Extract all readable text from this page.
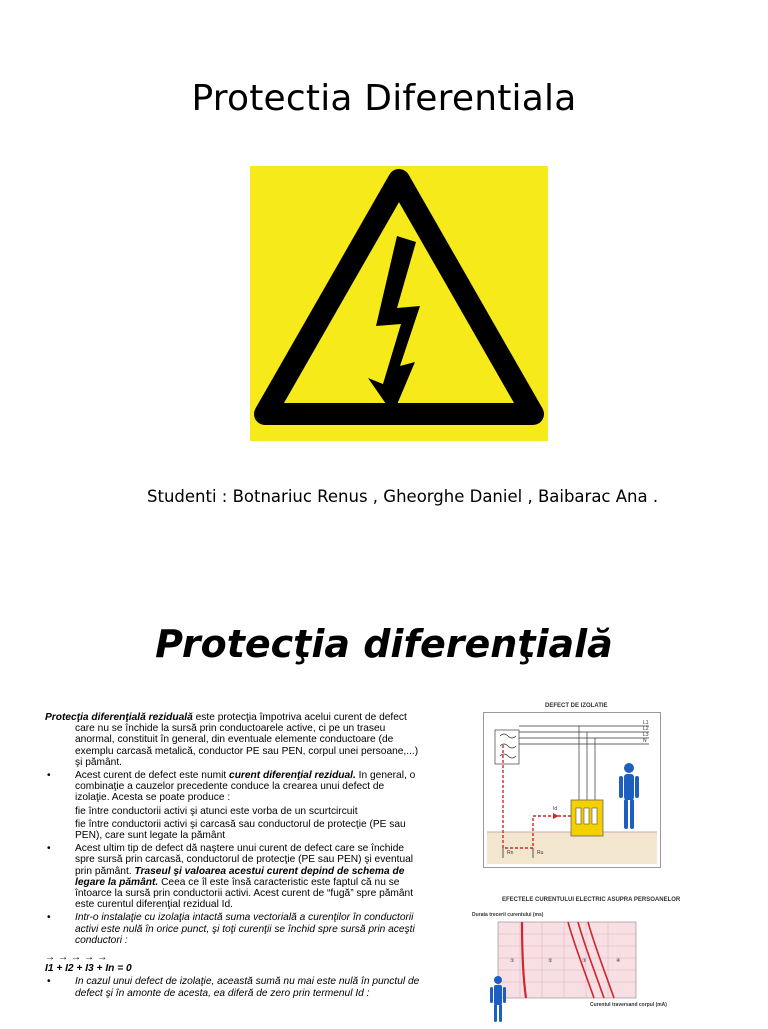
Protectia Diferentiala
Studenti : Botnariuc Renus , Gheorghe Daniel , Baibarac Ana .
Protecţia diferenţială

Protecţia diferenţială reziduală este protecţia împotriva acelui curent de defect care nu se închide la sursă prin conductoarele active, ci pe un traseu anormal, constituit în general, din eventuale elemente conductoare (de exemplu carcasă metalică, conductor PE sau PEN, corpul unei persoane,...) şi pământ.

• Acest curent de defect este numit curent diferenţial rezidual. In general, o combinaţie a cauzelor precedente conduce la crearea unui defect de izolaţie. Acesta se poate produce :

fie între conductorii activi şi atunci este vorba de un scurtcircuit

fie între conductorii activi şi carcasă sau conductorul de protecţie (PE sau PEN), care sunt legate la pământ

• Acest ultim tip de defect dă naştere unui curent de defect care se închide spre sursă prin carcasă, conductorul de protecţie (PE sau PEN) şi eventual prin pământ. Traseul şi valoarea acestui curent depind de schema de legare la pământ. Ceea ce îl este însă caracteristic este faptul că nu se întoarce la sursă prin conductorii activi. Acest curent de “fugă” spre pământ este curentul diferenţial rezidual Id.

• Intr-o instalaţie cu izolaţia intactă suma vectorială a curenţilor în conductorii activi este nulă în orice punct, şi toţi curenţii se închid spre sursă prin aceşti conductori :

→ → → → →

I1 + I2 + I3 + In = 0

• In cazul unui defect de izolaţie, această sumă nu mai este nulă în punctul de defect şi în amonte de acesta, ea diferă de zero prin termenul Id :

DEFECT DE IZOLATIE
L1
L2
L3
N
Id
Rn	Ru
EFECTELE CURENTULUI ELECTRIC ASUPRA PERSOANELOR
Durata trecerii curentului (ms)
①	②	③	④
Curentul traversand corpul (mA)
